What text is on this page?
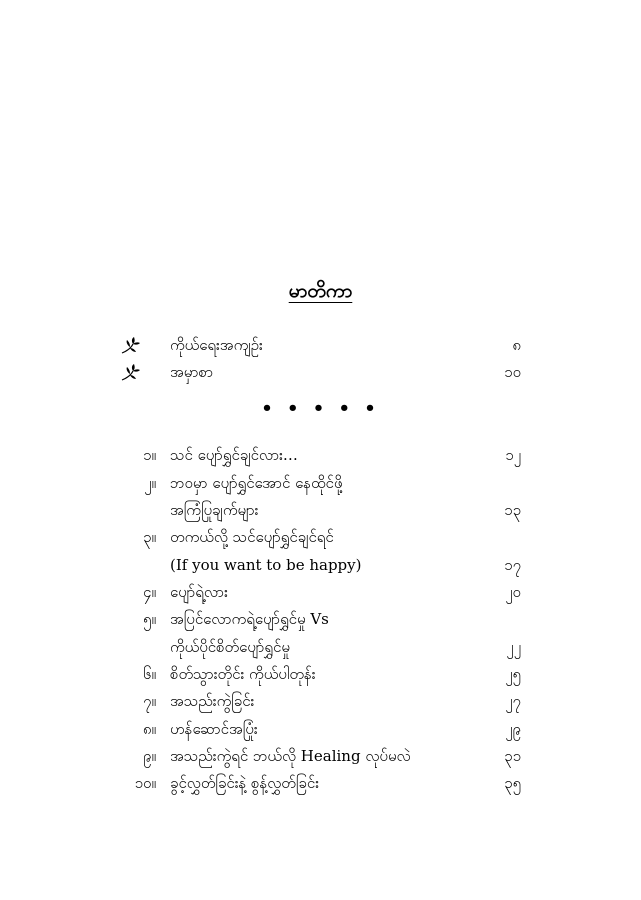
မာတိကာ
ကိုယ်ရေးအကျဉ်း	၈
အမှာစာ	၁၀
• • • • •
၁။ သင် ပျော်ရွှင်ချင်လား…	၁၂
၂။ ဘဝမှာ ပျော်ရွှင်အောင် နေထိုင်ဖို့
အကြံပြုချက်များ	၁၃
၃။ တကယ်လို့ သင်ပျော်ရွှင်ချင်ရင်
(If you want to be happy)	၁၇
၄။ ပျော်ရဲ့လား	၂၀
၅။ အပြင်လောကရဲ့ပျော်ရွှင်မှု Vs
ကိုယ်ပိုင်စိတ်ပျော်ရွှင်မှု	၂၂
၆။ စိတ်သွားတိုင်း ကိုယ်ပါတုန်း	၂၅
၇။ အသည်းကွဲခြင်း	၂၇
၈။ ဟန်ဆောင်အပြုံး	၂၉
၉။ အသည်းကွဲရင် ဘယ်လို Healing လုပ်မလဲ	၃၁
၁၀။ ခွင့်လွှတ်ခြင်းနဲ့ စွန့်လွှတ်ခြင်း	၃၅
